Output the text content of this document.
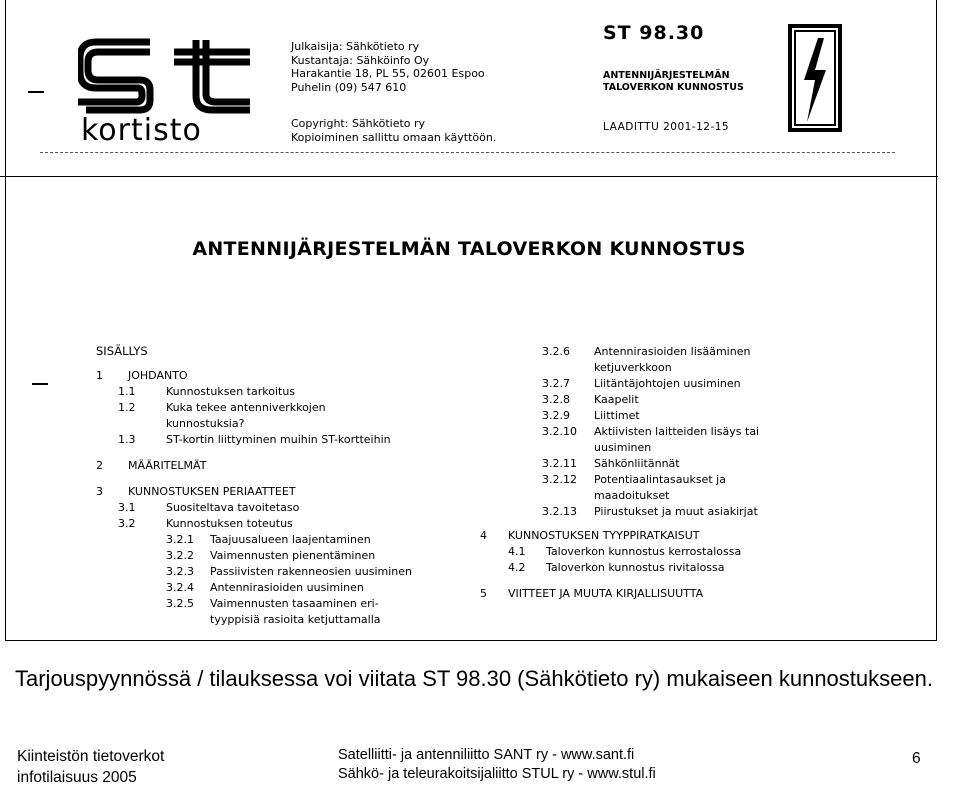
kortisto
Julkaisija: Sähkötieto ry
Kustantaja: Sähköinfo Oy
Harakantie 18, PL 55, 02601 Espoo
Puhelin (09) 547 610
Copyright: Sähkötieto ry
Kopioiminen sallittu omaan käyttöön.
ST 98.30
ANTENNIJÄRJESTELMÄN
TALOVERKON KUNNOSTUS
LAADITTU 2001-12-15
ANTENNIJÄRJESTELMÄN TALOVERKON KUNNOSTUS
SISÄLLYS
1 JOHDANTO
1.1	Kunnostuksen tarkoitus
1.2	Kuka tekee antenniverkkojen
kunnostuksia?
1.3	ST-kortin liittyminen muihin ST-kortteihin
2 MÄÄRITELMÄT
3 KUNNOSTUKSEN PERIAATTEET
3.1	Suositeltava tavoitetaso
3.2	Kunnostuksen toteutus
3.2.1 Taajuusalueen laajentaminen
3.2.2 Vaimennusten pienentäminen
3.2.3 Passiivisten rakenneosien uusiminen
3.2.4 Antennirasioiden uusiminen
3.2.5 Vaimennusten tasaaminen eri-
tyyppisiä rasioita ketjuttamalla
3.2.6 Antennirasioiden lisääminen
ketjuverkkoon
3.2.7 Liitäntäjohtojen uusiminen
3.2.8 Kaapelit
3.2.9 Liittimet
3.2.10 Aktiivisten laitteiden lisäys tai
uusiminen
3.2.11 Sähkönliitännät
3.2.12 Potentiaalintasaukset ja
maadoitukset
3.2.13 Piirustukset ja muut asiakirjat
4 KUNNOSTUKSEN TYYPPIRATKAISUT
4.1 Taloverkon kunnostus kerrostalossa
4.2 Taloverkon kunnostus rivitalossa
5 VIITTEET JA MUUTA KIRJALLISUUTTA
Tarjouspyynnössä / tilauksessa voi viitata ST 98.30 (Sähkötieto ry) mukaiseen kunnostukseen.
Kiinteistön tietoverkot
infotilaisuus 2005
Satelliitti- ja antenniliitto SANT ry - www.sant.fi
Sähkö- ja teleurakoitsijaliitto STUL ry - www.stul.fi
6
